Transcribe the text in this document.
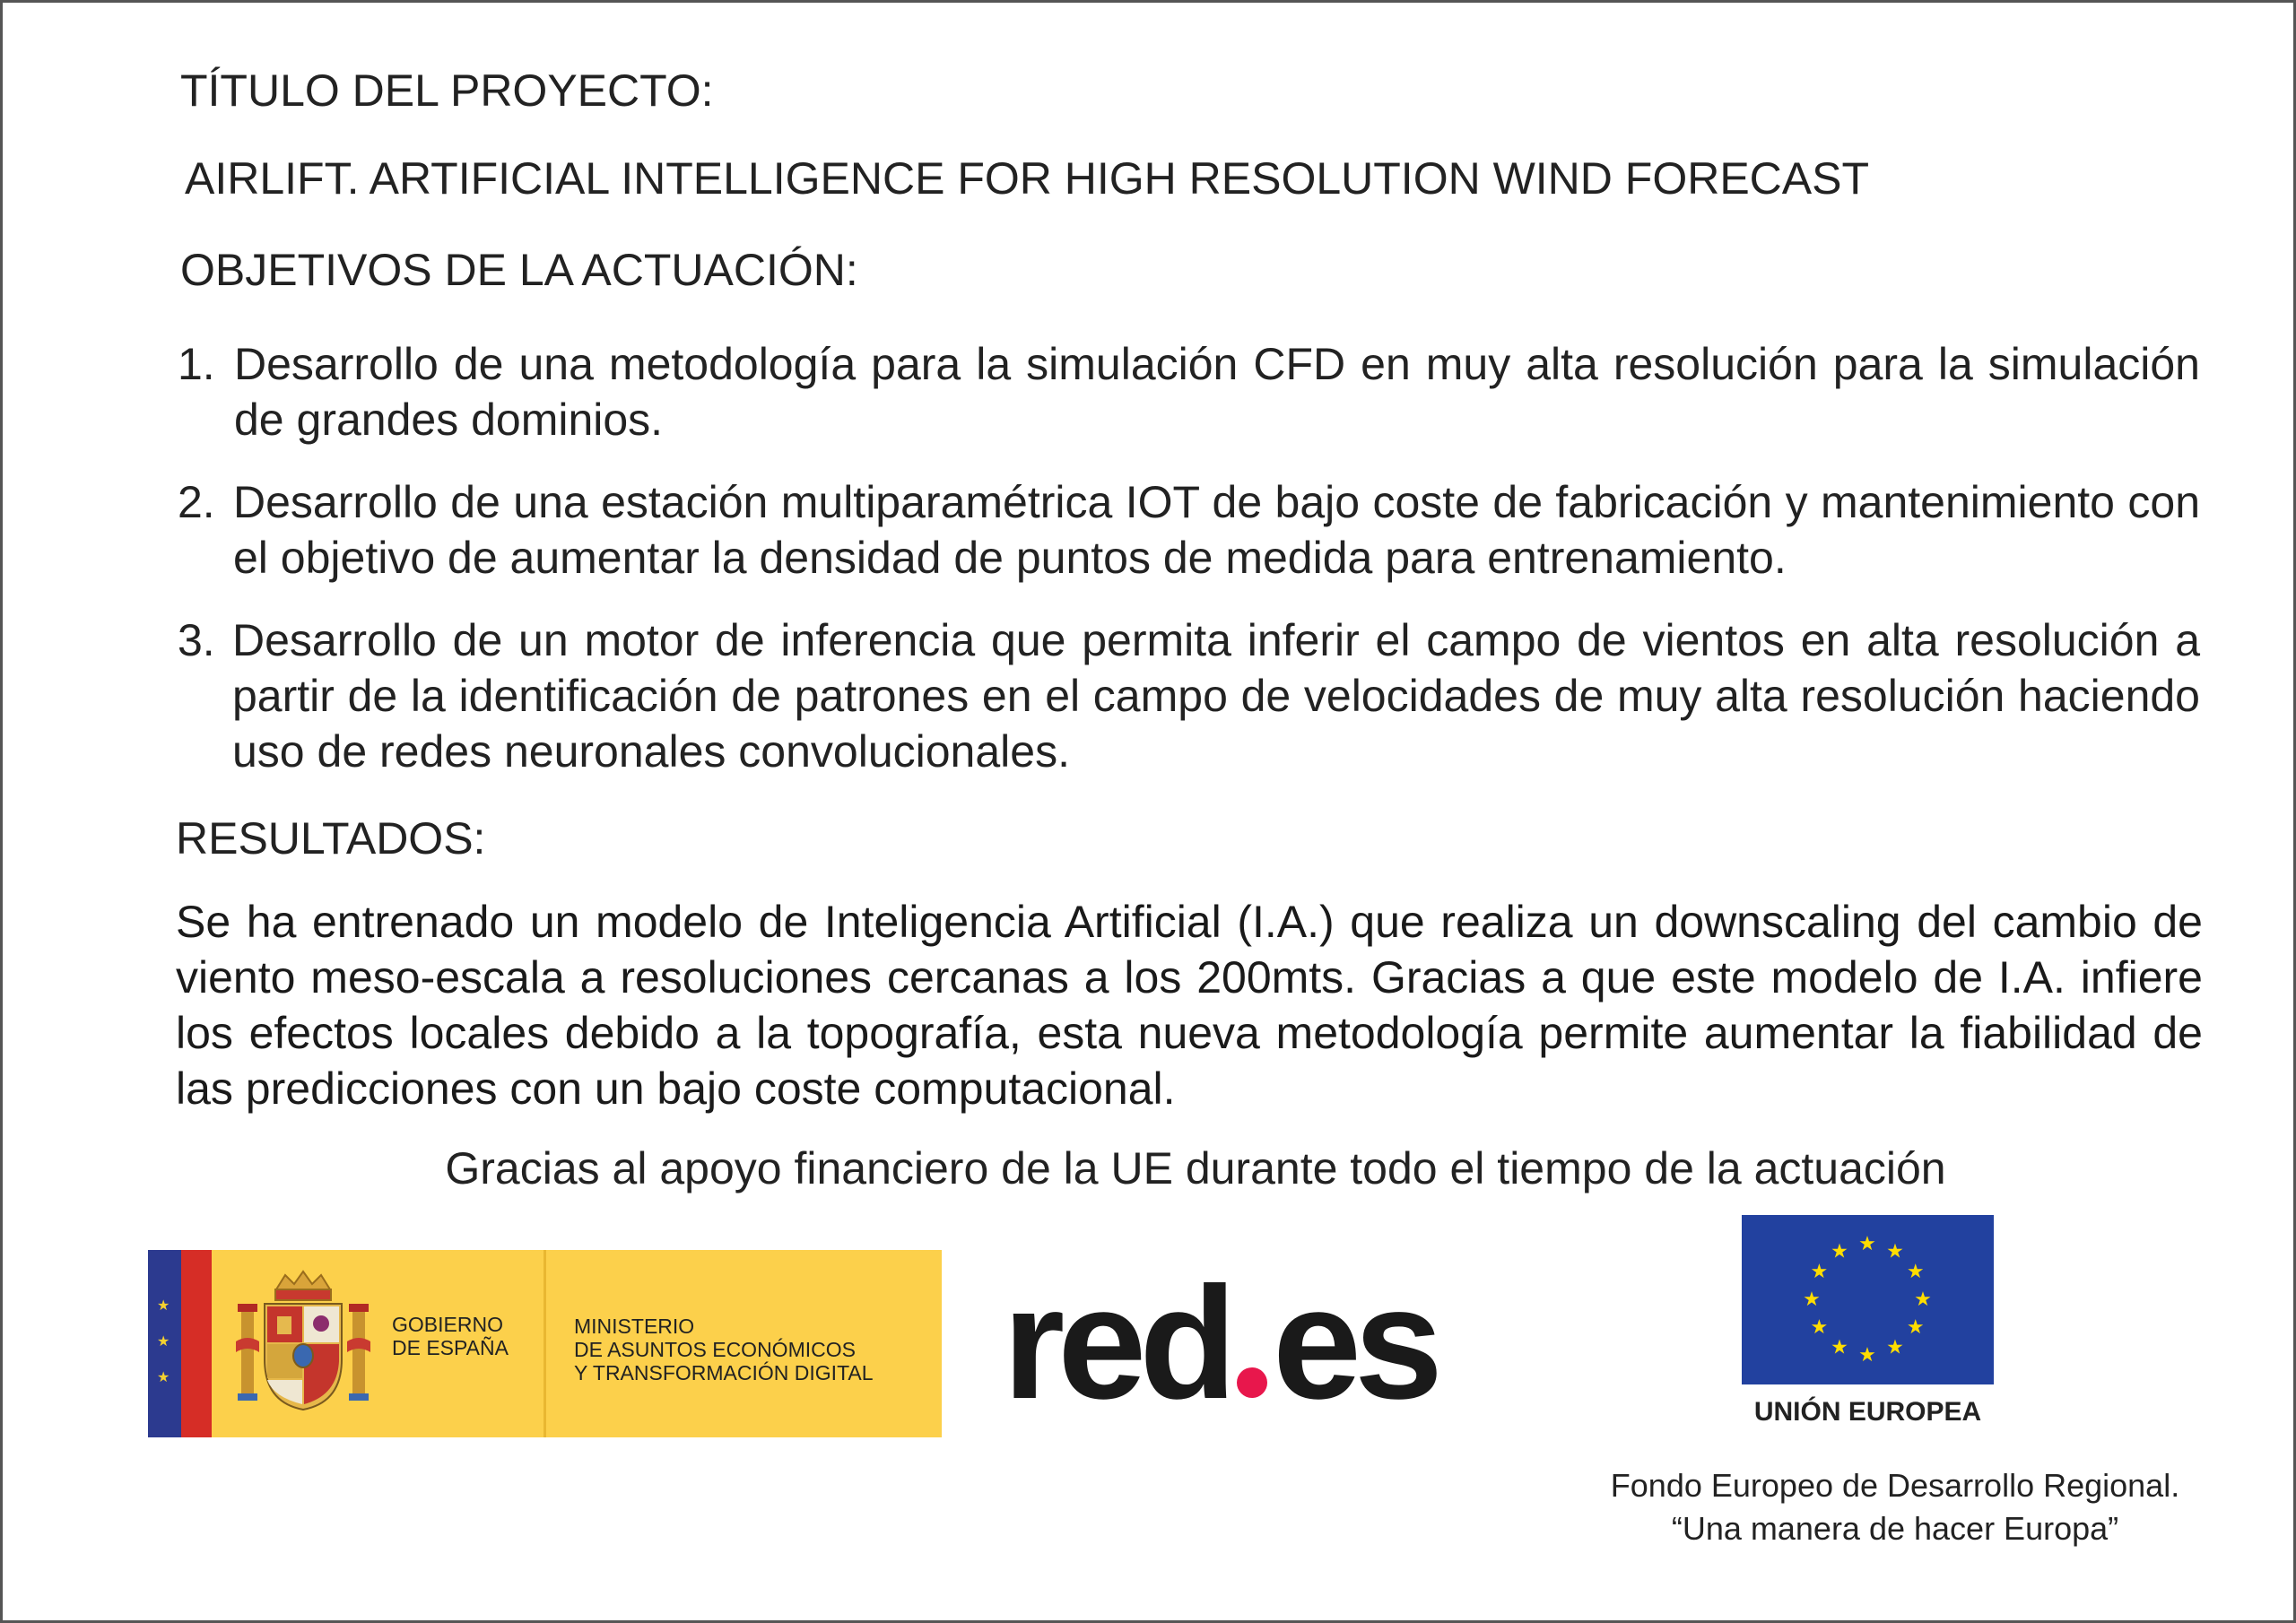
TÍTULO DEL PROYECTO:
AIRLIFT. ARTIFICIAL INTELLIGENCE FOR HIGH RESOLUTION WIND FORECAST
OBJETIVOS DE LA ACTUACIÓN:
1. Desarrollo de una metodología para la simulación CFD en muy alta resolución para la simulación de grandes dominios.
2. Desarrollo de una estación multiparamétrica IOT de bajo coste de fabricación y mantenimiento con el objetivo de aumentar la densidad de puntos de medida para entrenamiento.
3. Desarrollo de un motor de inferencia que permita inferir el campo de vientos en alta resolución a partir de la identificación de patrones en el campo de velocidades de muy alta resolución haciendo uso de redes neuronales convolucionales.
RESULTADOS:
Se ha entrenado un modelo de Inteligencia Artificial (I.A.) que realiza un downscaling del cambio de viento meso-escala a resoluciones cercanas a los 200mts. Gracias a que este modelo de I.A. infiere los efectos locales debido a la topografía, esta nueva metodología permite aumentar la fiabilidad de las predicciones con un bajo coste computacional.
Gracias al apoyo financiero de la UE durante todo el tiempo de la actuación
★
★
★
GOBIERNO
DE ESPAÑA
MINISTERIO
DE ASUNTOS ECONÓMICOS
Y TRANSFORMACIÓN DIGITAL red es
★ ★
★
★
★
★
★
★
★
★
★
★
UNIÓN EUROPEA
Fondo Europeo de Desarrollo Regional.
“Una manera de hacer Europa”
